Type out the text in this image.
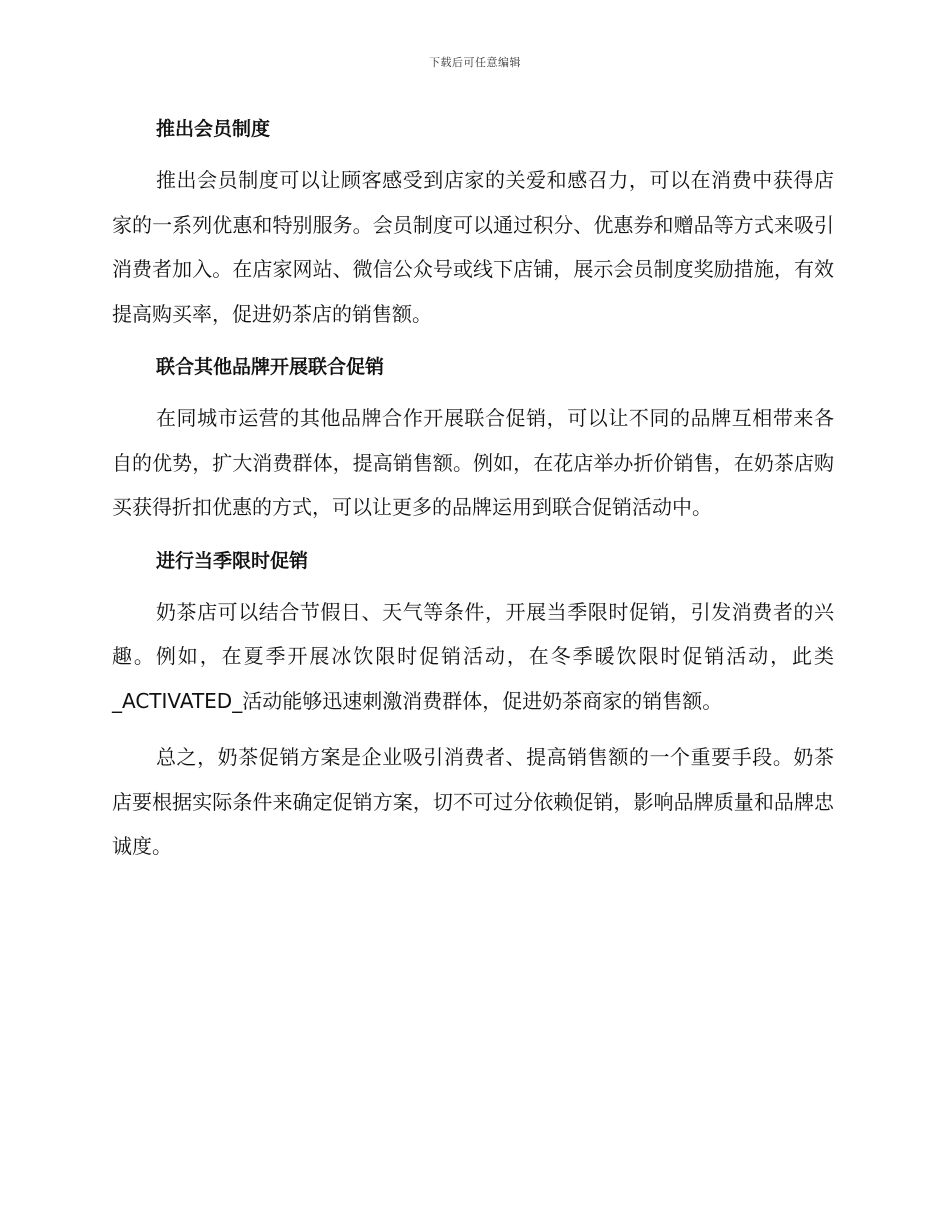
下载后可任意编辑
推出会员制度

推出会员制度可以让顾客感受到店家的关爱和感召力，可以在消费中获得店家的一系列优惠和特别服务。会员制度可以通过积分、优惠券和赠品等方式来吸引消费者加入。在店家网站、微信公众号或线下店铺，展示会员制度奖励措施，有效提高购买率，促进奶茶店的销售额。

联合其他品牌开展联合促销

在同城市运营的其他品牌合作开展联合促销，可以让不同的品牌互相带来各自的优势，扩大消费群体，提高销售额。例如，在花店举办折价销售，在奶茶店购买获得折扣优惠的方式，可以让更多的品牌运用到联合促销活动中。

进行当季限时促销

奶茶店可以结合节假日、天气等条件，开展当季限时促销，引发消费者的兴趣。例如，在夏季开展冰饮限时促销活动，在冬季暖饮限时促销活动，此类_ACTIVATED_活动能够迅速刺激消费群体，促进奶茶商家的销售额。

总之，奶茶促销方案是企业吸引消费者、提高销售额的一个重要手段。奶茶店要根据实际条件来确定促销方案，切不可过分依赖促销，影响品牌质量和品牌忠诚度。
